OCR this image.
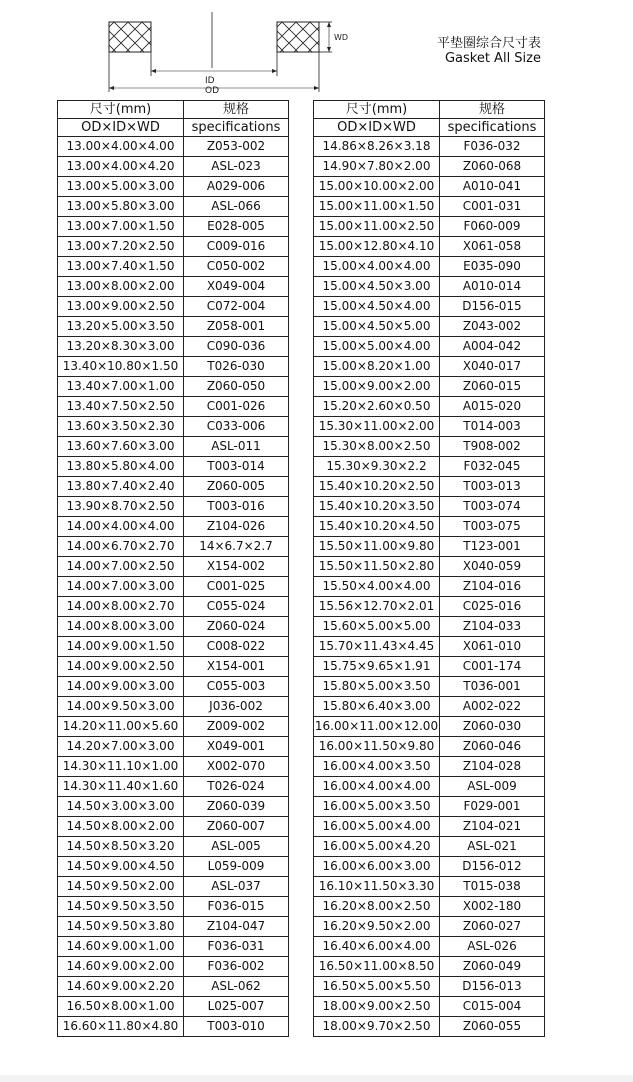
WD
ID
OD
平垫圈综合尺寸表
Gasket All Size
尺寸(mm)	规格
OD×ID×WD	specifications
13.00×4.00×4.00	Z053-002
13.00×4.00×4.20	ASL-023
13.00×5.00×3.00	A029-006
13.00×5.80×3.00	ASL-066
13.00×7.00×1.50	E028-005
13.00×7.20×2.50	C009-016
13.00×7.40×1.50	C050-002
13.00×8.00×2.00	X049-004
13.00×9.00×2.50	C072-004
13.20×5.00×3.50	Z058-001
13.20×8.30×3.00	C090-036
13.40×10.80×1.50	T026-030
13.40×7.00×1.00	Z060-050
13.40×7.50×2.50	C001-026
13.60×3.50×2.30	C033-006
13.60×7.60×3.00	ASL-011
13.80×5.80×4.00	T003-014
13.80×7.40×2.40	Z060-005
13.90×8.70×2.50	T003-016
14.00×4.00×4.00	Z104-026
14.00×6.70×2.70	14×6.7×2.7
14.00×7.00×2.50	X154-002
14.00×7.00×3.00	C001-025
14.00×8.00×2.70	C055-024
14.00×8.00×3.00	Z060-024
14.00×9.00×1.50	C008-022
14.00×9.00×2.50	X154-001
14.00×9.00×3.00	C055-003
14.00×9.50×3.00	J036-002
14.20×11.00×5.60	Z009-002
14.20×7.00×3.00	X049-001
14.30×11.10×1.00	X002-070
14.30×11.40×1.60	T026-024
14.50×3.00×3.00	Z060-039
14.50×8.00×2.00	Z060-007
14.50×8.50×3.20	ASL-005
14.50×9.00×4.50	L059-009
14.50×9.50×2.00	ASL-037
14.50×9.50×3.50	F036-015
14.50×9.50×3.80	Z104-047
14.60×9.00×1.00	F036-031
14.60×9.00×2.00	F036-002
14.60×9.00×2.20	ASL-062
16.50×8.00×1.00	L025-007
16.60×11.80×4.80	T003-010
尺寸(mm)	规格
OD×ID×WD	specifications
14.86×8.26×3.18	F036-032
14.90×7.80×2.00	Z060-068
15.00×10.00×2.00	A010-041
15.00×11.00×1.50	C001-031
15.00×11.00×2.50	F060-009
15.00×12.80×4.10	X061-058
15.00×4.00×4.00	E035-090
15.00×4.50×3.00	A010-014
15.00×4.50×4.00	D156-015
15.00×4.50×5.00	Z043-002
15.00×5.00×4.00	A004-042
15.00×8.20×1.00	X040-017
15.00×9.00×2.00	Z060-015
15.20×2.60×0.50	A015-020
15.30×11.00×2.00	T014-003
15.30×8.00×2.50	T908-002
15.30×9.30×2.2	F032-045
15.40×10.20×2.50	T003-013
15.40×10.20×3.50	T003-074
15.40×10.20×4.50	T003-075
15.50×11.00×9.80	T123-001
15.50×11.50×2.80	X040-059
15.50×4.00×4.00	Z104-016
15.56×12.70×2.01	C025-016
15.60×5.00×5.00	Z104-033
15.70×11.43×4.45	X061-010
15.75×9.65×1.91	C001-174
15.80×5.00×3.50	T036-001
15.80×6.40×3.00	A002-022
16.00×11.00×12.00	Z060-030
16.00×11.50×9.80	Z060-046
16.00×4.00×3.50	Z104-028
16.00×4.00×4.00	ASL-009
16.00×5.00×3.50	F029-001
16.00×5.00×4.00	Z104-021
16.00×5.00×4.20	ASL-021
16.00×6.00×3.00	D156-012
16.10×11.50×3.30	T015-038
16.20×8.00×2.50	X002-180
16.20×9.50×2.00	Z060-027
16.40×6.00×4.00	ASL-026
16.50×11.00×8.50	Z060-049
16.50×5.00×5.50	D156-013
18.00×9.00×2.50	C015-004
18.00×9.70×2.50	Z060-055
